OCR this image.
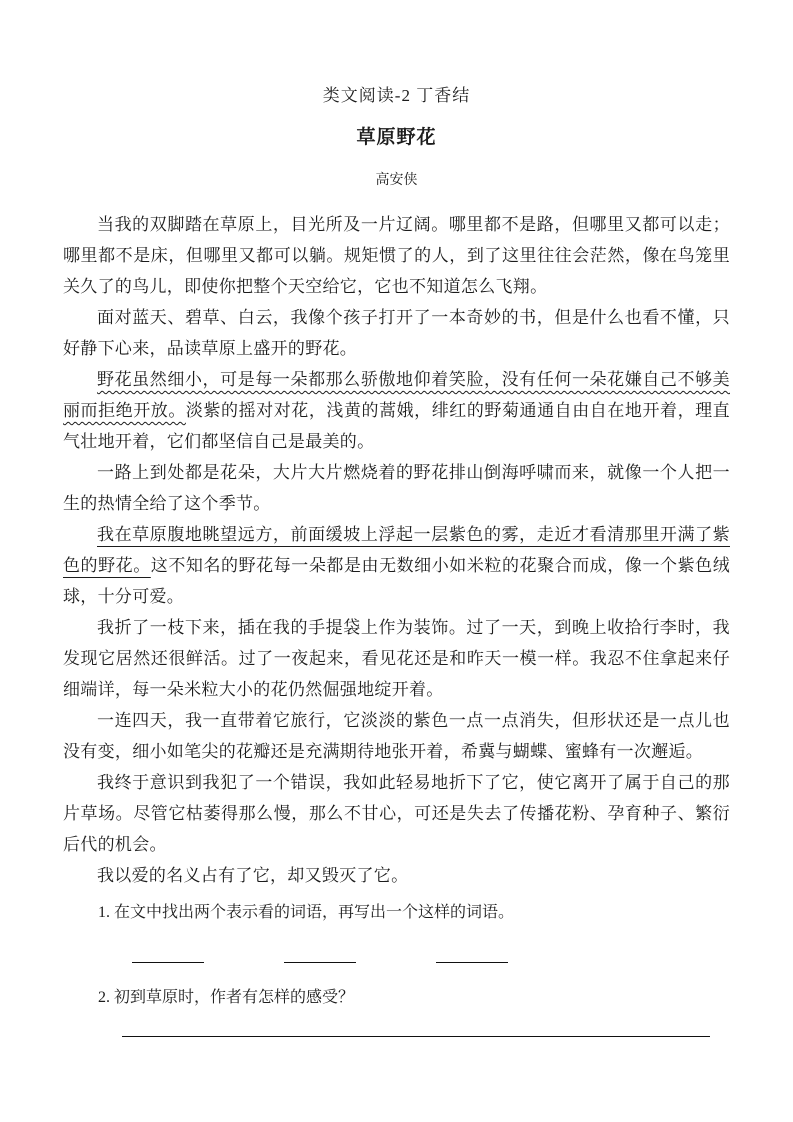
类文阅读-2 丁香结
草原野花
高安侠

当我的双脚踏在草原上，目光所及一片辽阔。哪里都不是路，但哪里又都可以走；哪里都不是床，但哪里又都可以躺。规矩惯了的人，到了这里往往会茫然，像在鸟笼里关久了的鸟儿，即使你把整个天空给它，它也不知道怎么飞翔。

面对蓝天、碧草、白云，我像个孩子打开了一本奇妙的书，但是什么也看不懂，只好静下心来，品读草原上盛开的野花。

野花虽然细小，可是每一朵都那么骄傲地仰着笑脸，没有任何一朵花嫌自己不够美丽而拒绝开放。淡紫的摇对对花，浅黄的蒿娥，绯红的野菊通通自由自在地开着，理直气壮地开着，它们都坚信自己是最美的。

一路上到处都是花朵，大片大片燃烧着的野花排山倒海呼啸而来，就像一个人把一生的热情全给了这个季节。

我在草原腹地眺望远方，前面缓坡上浮起一层紫色的雾，走近才看清那里开满了紫色的野花。这不知名的野花每一朵都是由无数细小如米粒的花聚合而成，像一个紫色绒球，十分可爱。

我折了一枝下来，插在我的手提袋上作为装饰。过了一天，到晚上收拾行李时，我发现它居然还很鲜活。过了一夜起来，看见花还是和昨天一模一样。我忍不住拿起来仔细端详，每一朵米粒大小的花仍然倔强地绽开着。

一连四天，我一直带着它旅行，它淡淡的紫色一点一点消失，但形状还是一点儿也没有变，细小如笔尖的花瓣还是充满期待地张开着，希冀与蝴蝶、蜜蜂有一次邂逅。

我终于意识到我犯了一个错误，我如此轻易地折下了它，使它离开了属于自己的那片草场。尽管它枯萎得那么慢，那么不甘心，可还是失去了传播花粉、孕育种子、繁衍后代的机会。

我以爱的名义占有了它，却又毁灭了它。

1. 在文中找出两个表示看的词语，再写出一个这样的词语。
2. 初到草原时，作者有怎样的感受？
